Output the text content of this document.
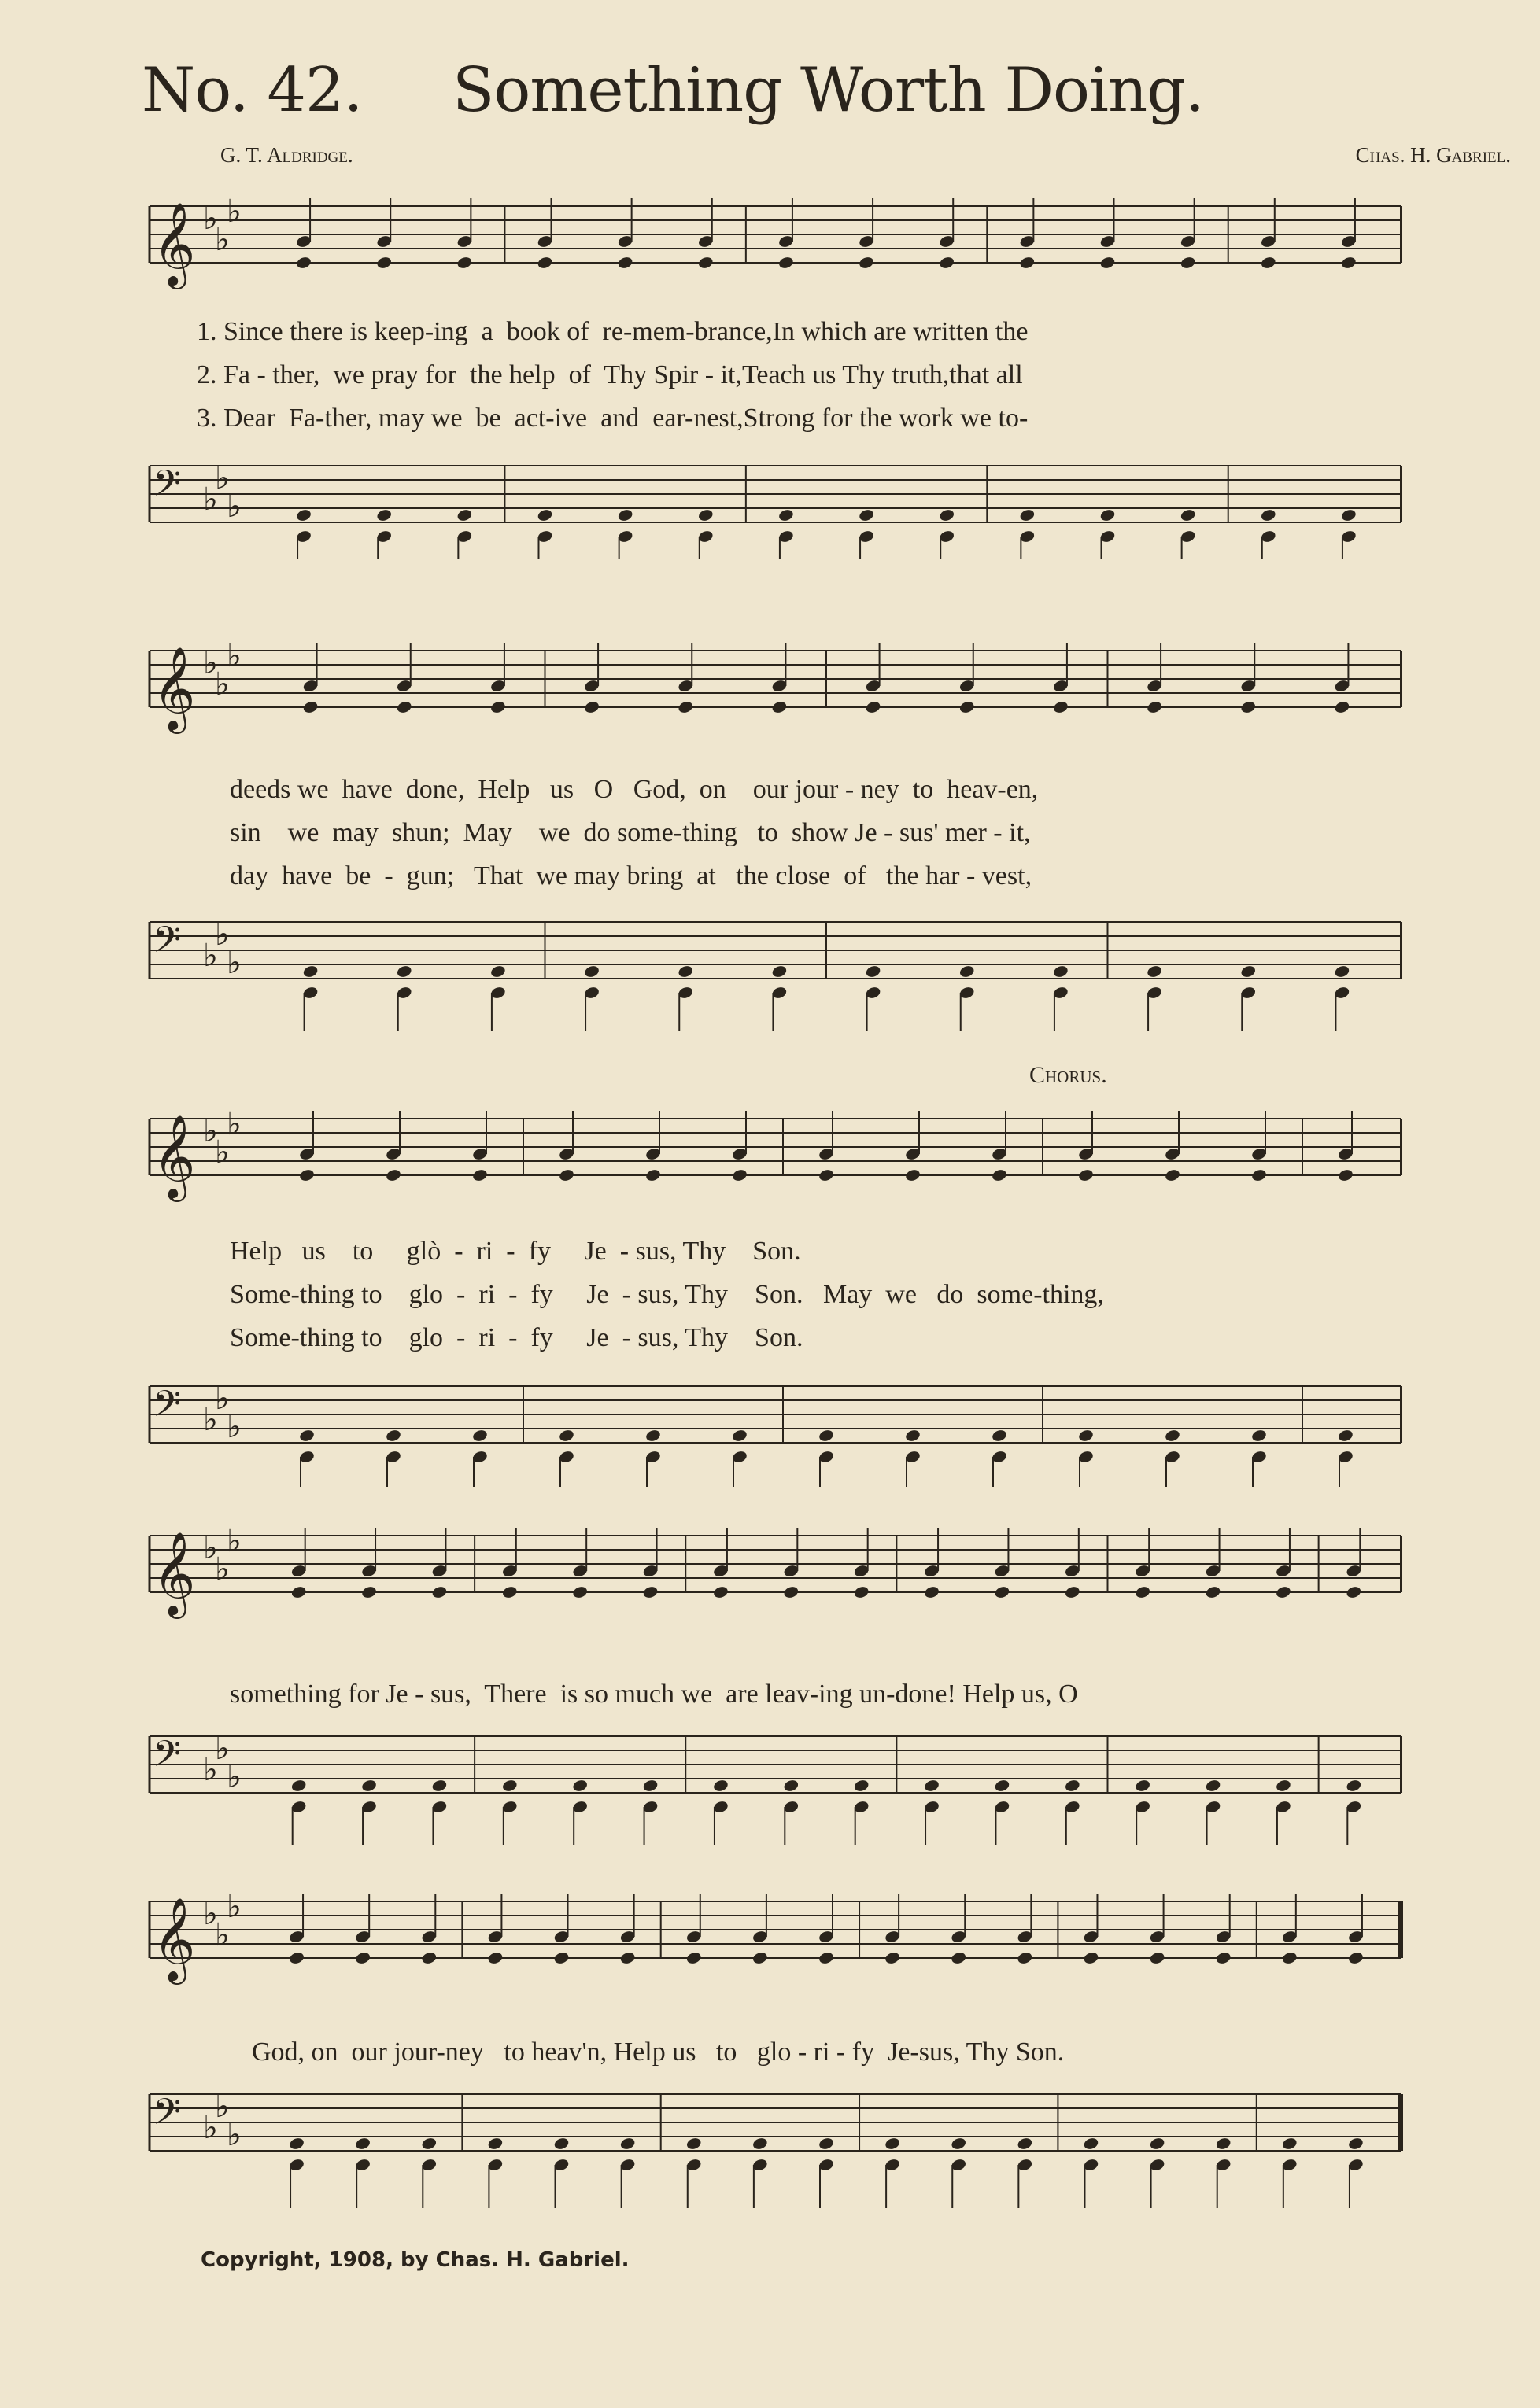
No. 42. Something Worth Doing.
G. T. Aldridge.	Chas. H. Gabriel.
𝄞 ♭
♭
♭
1. Since there is keep-ing  a  book of  re-mem-brance,In which are written the
2. Fa - ther,  we pray for  the help  of  Thy Spir - it,Teach us Thy truth,that all
3. Dear  Fa-ther, may we  be  act-ive  and  ear-nest,Strong for the work we to-
𝄢 ♭
♭
♭
𝄞 ♭
♭
♭
deeds we  have  done,  Help   us   O   God,  on    our jour - ney  to  heav-en,
sin    we  may  shun;  May    we  do some-thing   to  show Je - sus' mer - it,
day  have  be  -  gun;   That  we may bring  at   the close  of   the har - vest,
𝄢 ♭
♭
♭
Chorus.
𝄞 ♭
♭
♭
Help   us    to     glò  -  ri  -  fy     Je  - sus, Thy    Son.
Some-thing to    glo  -  ri  -  fy     Je  - sus, Thy    Son.   May  we   do  some-thing,
Some-thing to    glo  -  ri  -  fy     Je  - sus, Thy    Son.
𝄢 ♭
♭
♭
𝄞 ♭
♭
♭
something for Je - sus,  There  is so much we  are leav-ing un-done! Help us, O
𝄢 ♭
♭
♭
𝄞 ♭
♭
♭
God, on  our jour-ney   to heav'n, Help us   to   glo - ri - fy  Je-sus, Thy Son.
𝄢 ♭
♭
♭
Copyright, 1908, by Chas. H. Gabriel.
